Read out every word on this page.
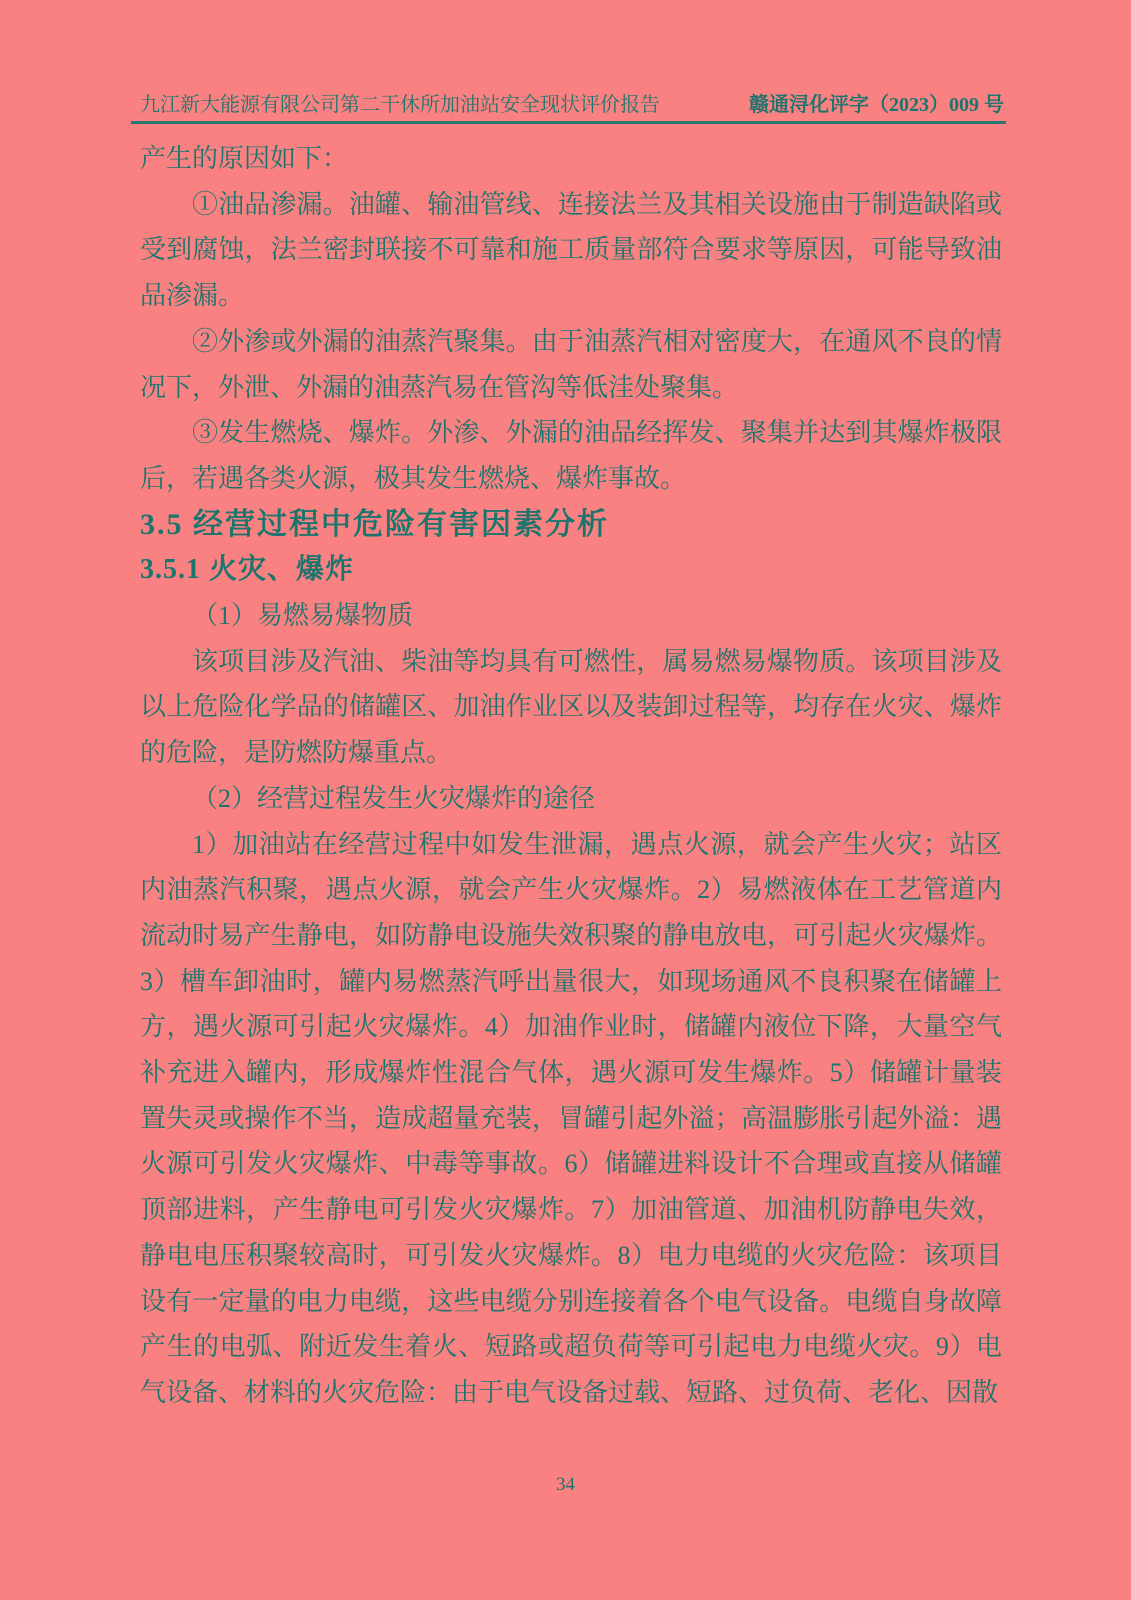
九江新大能源有限公司第二干休所加油站安全现状评价报告	赣通浔化评字（2023）009 号

产生的原因如下：

①油品渗漏。油罐、输油管线、连接法兰及其相关设施由于制造缺陷或受到腐蚀，法兰密封联接不可靠和施工质量部符合要求等原因，可能导致油品渗漏。

②外渗或外漏的油蒸汽聚集。由于油蒸汽相对密度大，在通风不良的情况下，外泄、外漏的油蒸汽易在管沟等低洼处聚集。

③发生燃烧、爆炸。外渗、外漏的油品经挥发、聚集并达到其爆炸极限后，若遇各类火源，极其发生燃烧、爆炸事故。

3.5 经营过程中危险有害因素分析
3.5.1 火灾、爆炸

（1）易燃易爆物质

该项目涉及汽油、柴油等均具有可燃性，属易燃易爆物质。该项目涉及以上危险化学品的储罐区、加油作业区以及装卸过程等，均存在火灾、爆炸的危险，是防燃防爆重点。

（2）经营过程发生火灾爆炸的途径

1）加油站在经营过程中如发生泄漏，遇点火源，就会产生火灾；站区内油蒸汽积聚，遇点火源，就会产生火灾爆炸。2）易燃液体在工艺管道内流动时易产生静电，如防静电设施失效积聚的静电放电，可引起火灾爆炸。3）槽车卸油时，罐内易燃蒸汽呼出量很大，如现场通风不良积聚在储罐上方，遇火源可引起火灾爆炸。4）加油作业时，储罐内液位下降，大量空气补充进入罐内，形成爆炸性混合气体，遇火源可发生爆炸。5）储罐计量装置失灵或操作不当，造成超量充装，冒罐引起外溢；高温膨胀引起外溢：遇火源可引发火灾爆炸、中毒等事故。6）储罐进料设计不合理或直接从储罐顶部进料，产生静电可引发火灾爆炸。7）加油管道、加油机防静电失效，静电电压积聚较高时，可引发火灾爆炸。8）电力电缆的火灾危险：该项目设有一定量的电力电缆，这些电缆分别连接着各个电气设备。电缆自身故障产生的电弧、附近发生着火、短路或超负荷等可引起电力电缆火灾。9）电气设备、材料的火灾危险：由于电气设备过载、短路、过负荷、老化、因散

34
